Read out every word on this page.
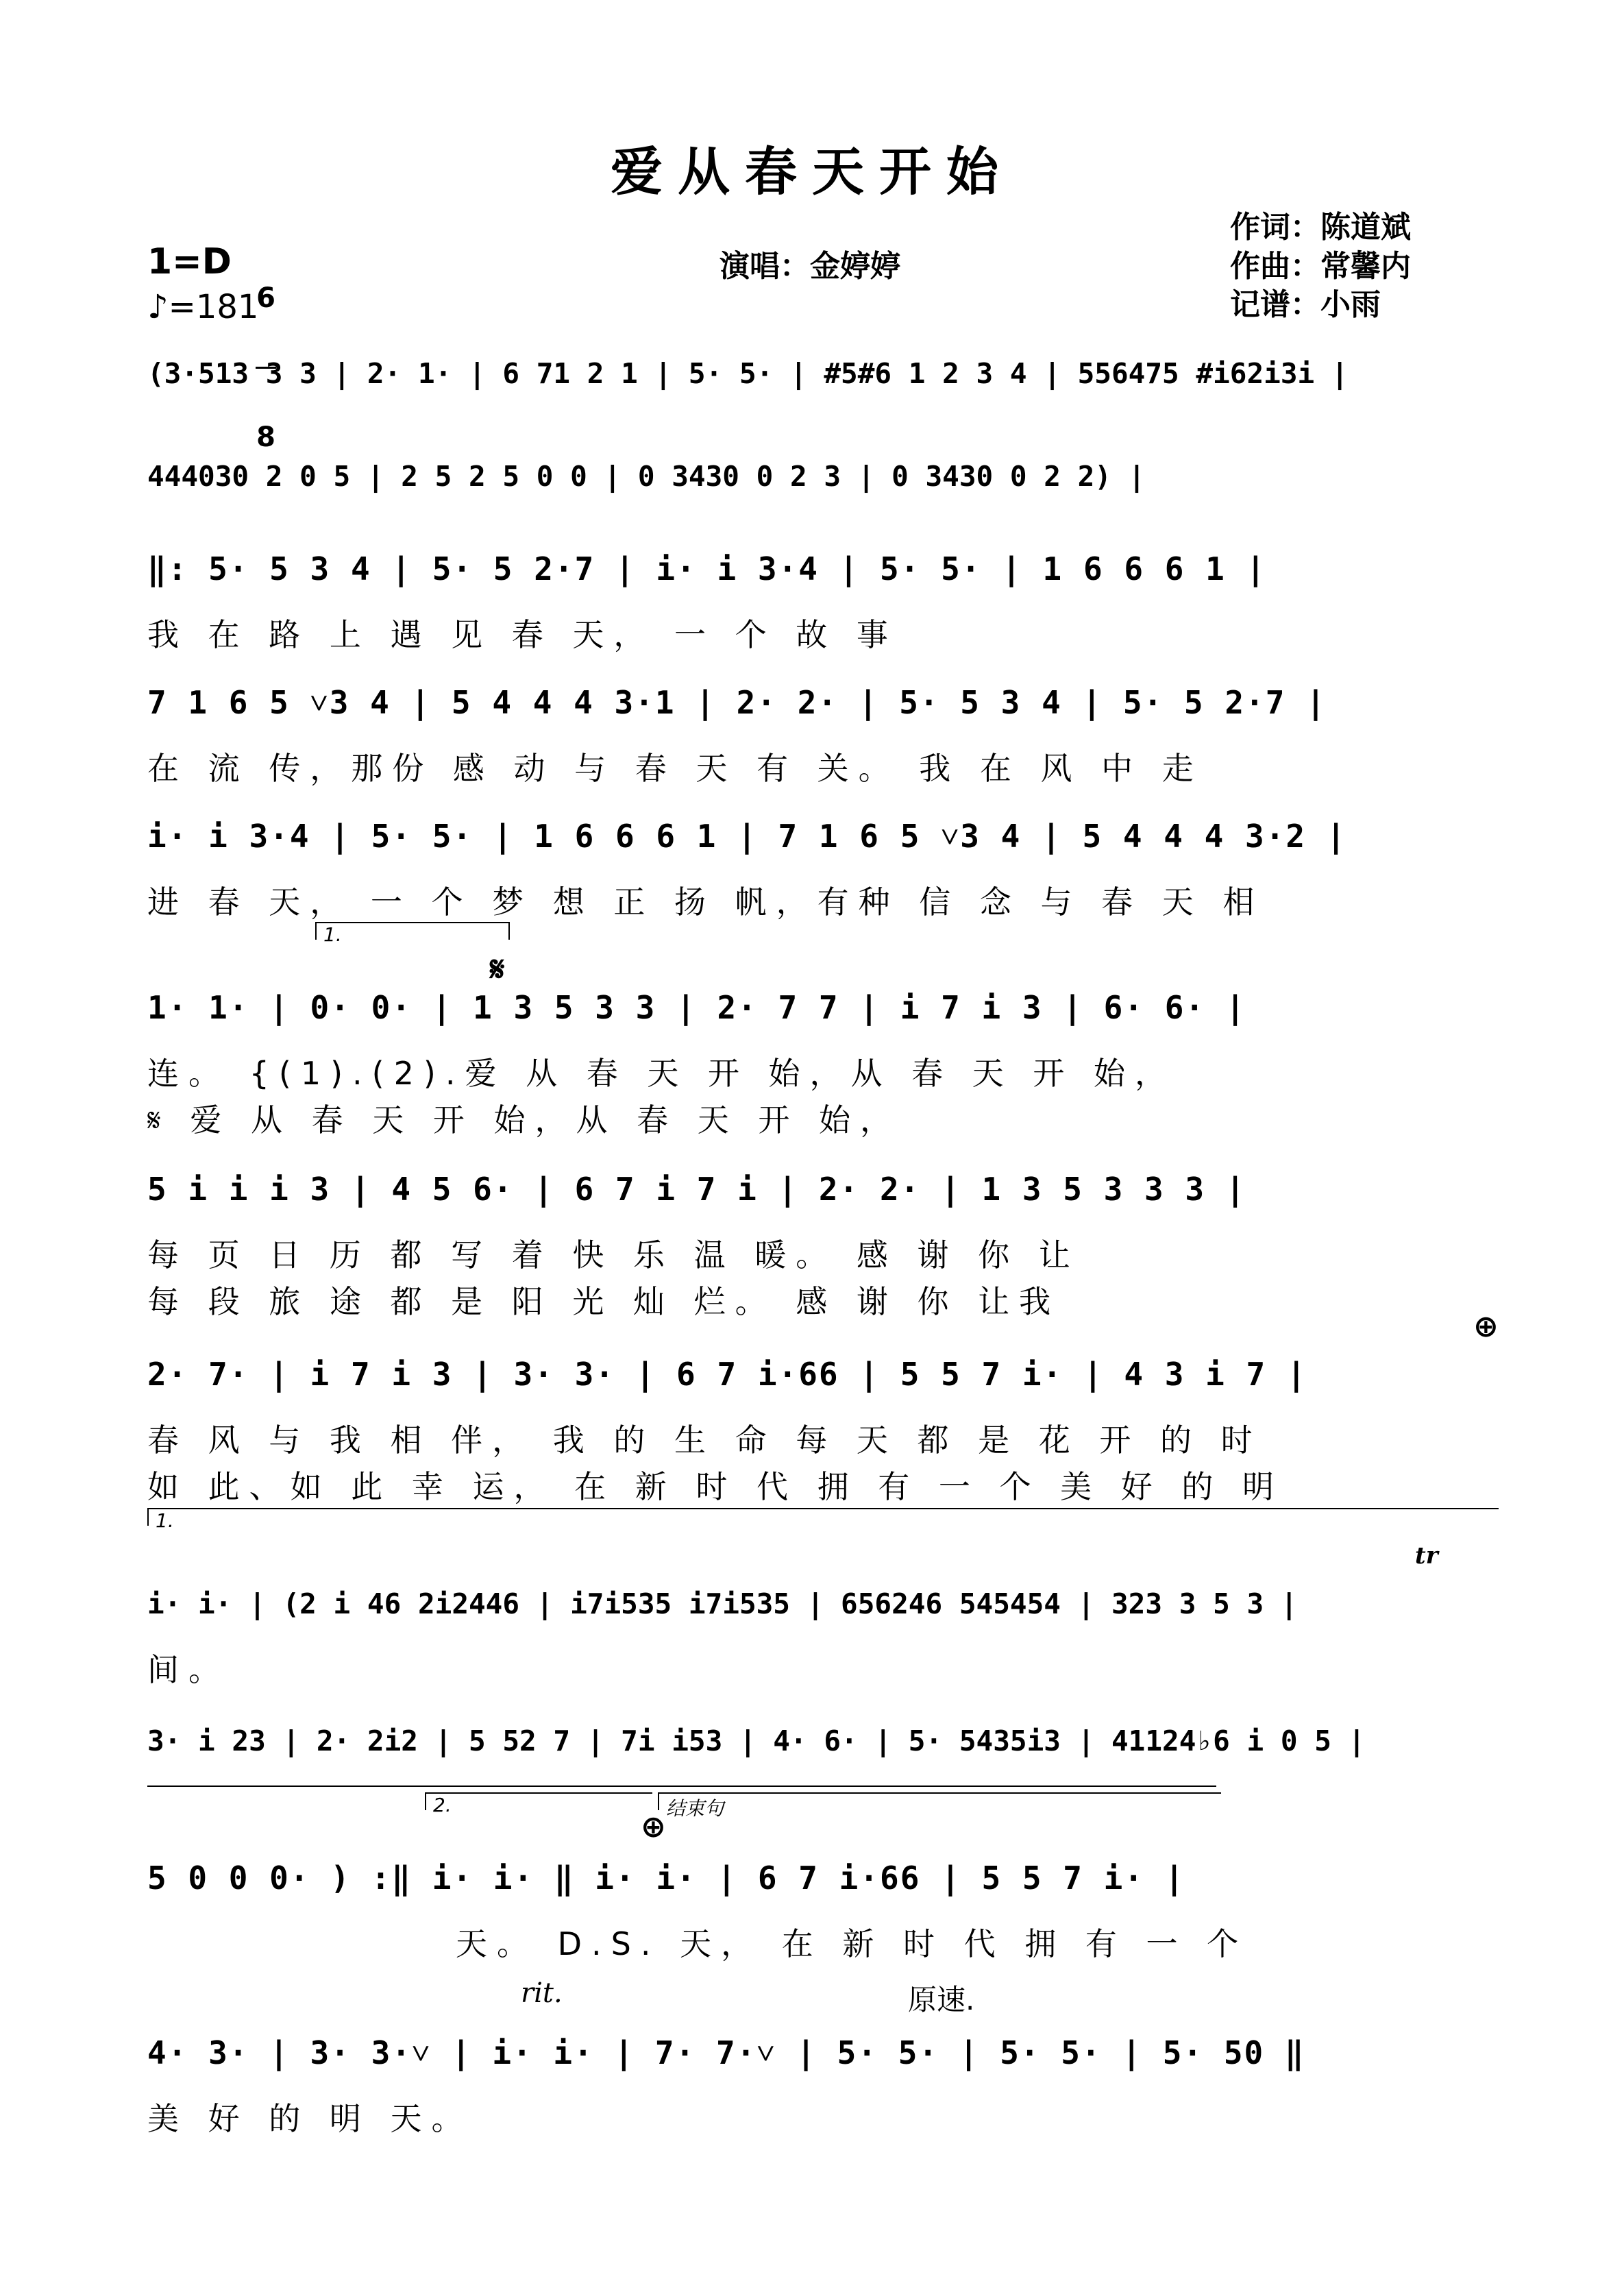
爱从春天开始
作词：陈道斌
作曲：常馨内
记谱：小雨
演唱：金婷婷
1=D

6

8

♪=181
(3·513 3 3 | 2· 1· | 6 71 2 1 | 5· 5· | #5#6 1 2 3 4 | 556475 #i62i3i |
444030 2 0 5 | 2 5 2 5 0 0 | 0 3430 0 2 3 | 0 3430 0 2 2) |
‖: 5· 5 3 4 | 5· 5 2·7 | i· i 3·4 | 5· 5· | 1 6 6 6 1 |
我 在 路 上 遇 见 春 天， 一 个 故 事
7 1 6 5 ˅3 4 | 5 4 4 4 3·1 | 2· 2· | 5· 5 3 4 | 5· 5 2·7 |
在 流 传，那份 感 动 与 春 天 有 关。 我 在 风 中 走
i· i 3·4 | 5· 5· | 1 6 6 6 1 | 7 1 6 5 ˅3 4 | 5 4 4 4 3·2 |
进 春 天， 一 个 梦 想 正 扬 帆，有种 信 念 与 春 天 相
1.
𝄋
1· 1· | 0· 0· | 1 3 5 3 3 | 2· 7 7 | i 7 i 3 | 6· 6· |
连。 {(1).(2).爱 从 春 天 开 始，从 春 天 开 始，
𝄋 爱 从 春 天 开 始，从 春 天 开 始，
5 i i i 3 | 4 5 6· | 6 7 i 7 i | 2· 2· | 1 3 5 3 3 3 |
每 页 日 历 都 写 着 快 乐 温 暖。 感 谢 你 让
每 段 旅 途 都 是 阳 光 灿 烂。 感 谢 你 让我
⊕
2· 7· | i 7 i 3 | 3· 3· | 6 7 i·66 | 5 5 7 i· | 4 3 i 7 |
春 风 与 我 相 伴， 我 的 生 命 每 天 都 是 花 开 的 时
如 此、如 此 幸 运， 在 新 时 代 拥 有 一 个 美 好 的 明
1.
tr
i· i· | (2 i 46 2i2446 | i7i535 i7i535 | 656246 545454 | 323 3 5 3 |
间。
3· i 23 | 2· 2i2 | 5 52 7 | 7i i53 | 4· 6· | 5· 5435i3 | 41124♭6 i 0 5 |
2.	结束句
⊕
5 0 0 0· ) :‖ i· i· ‖ i· i· | 6 7 i·66 | 5 5 7 i· |
天。 D.S. 天， 在 新 时 代 拥 有 一 个
rit.	原速.
4· 3· | 3· 3·˅ | i· i· | 7· 7·˅ | 5· 5· | 5· 5· | 5· 50 ‖
美 好 的 明 天。
